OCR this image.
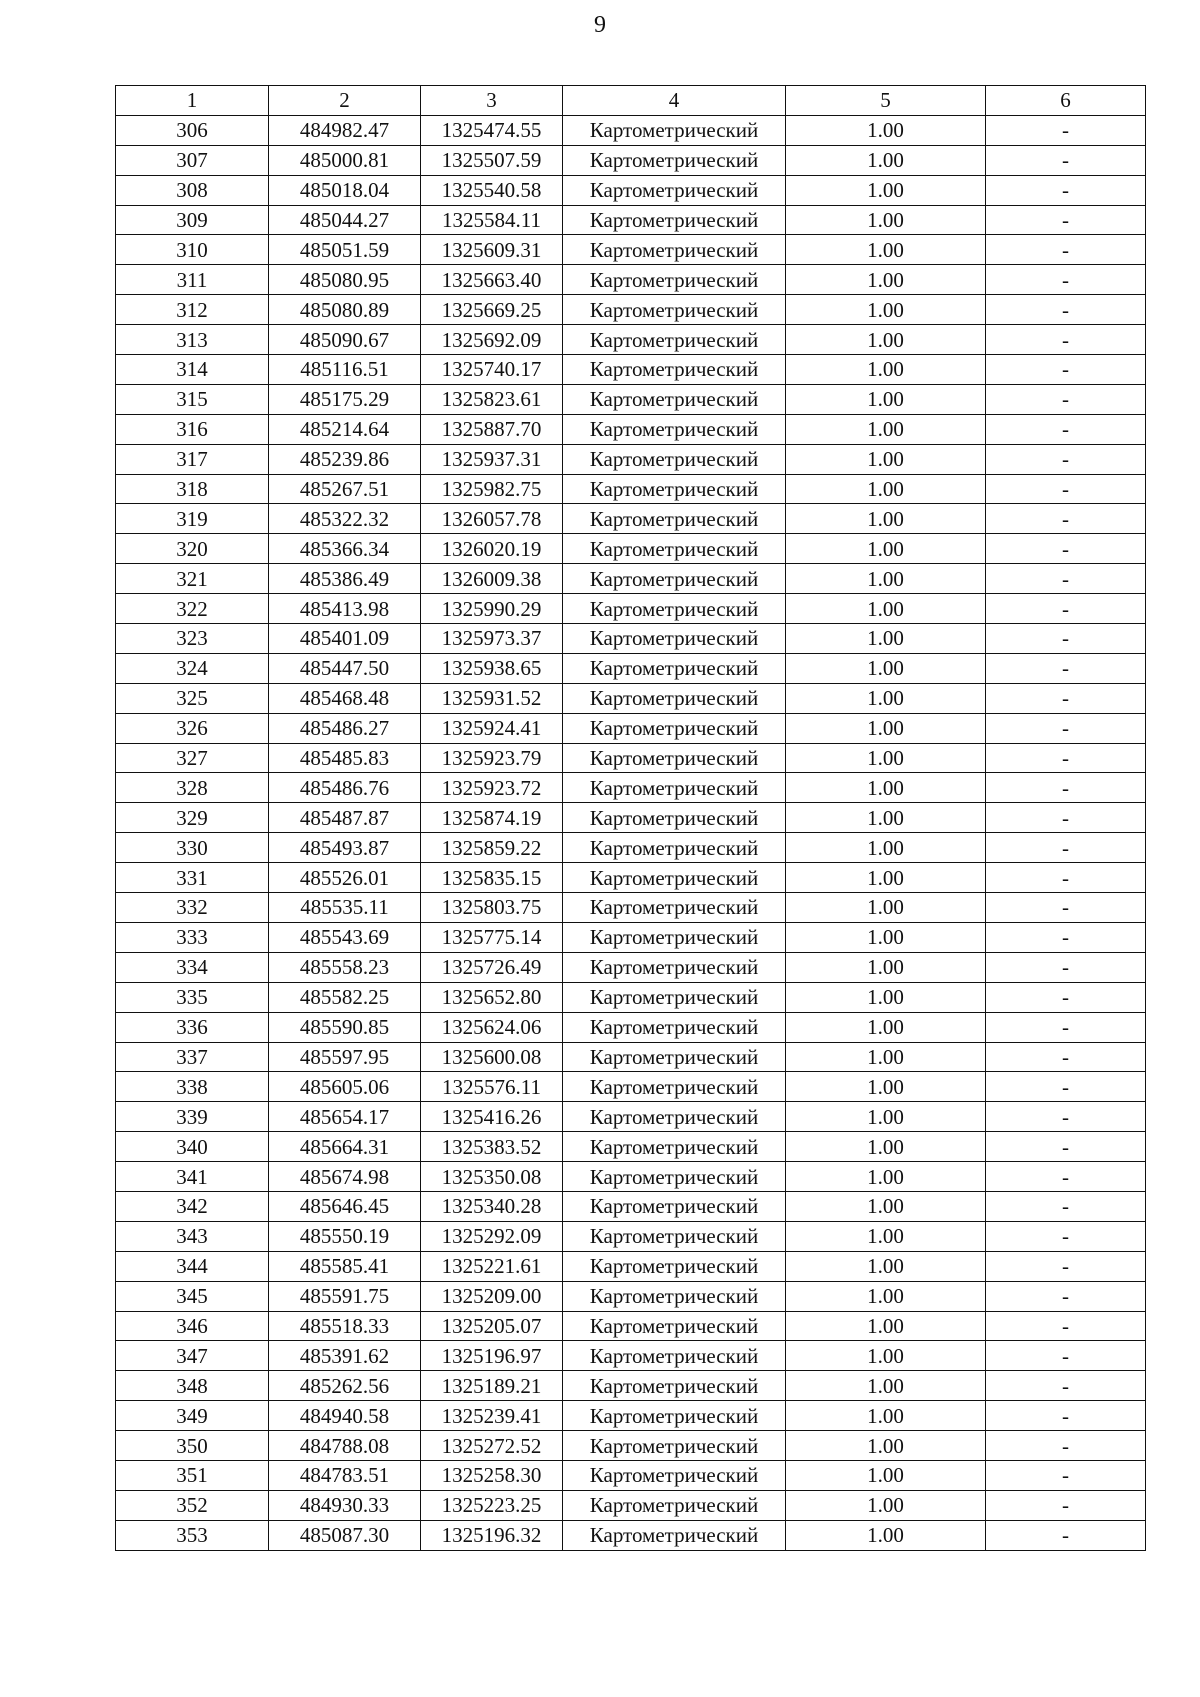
9
1	2	3	4	5	6
306	484982.47	1325474.55	Картометрический	1.00	-
307	485000.81	1325507.59	Картометрический	1.00	-
308	485018.04	1325540.58	Картометрический	1.00	-
309	485044.27	1325584.11	Картометрический	1.00	-
310	485051.59	1325609.31	Картометрический	1.00	-
311	485080.95	1325663.40	Картометрический	1.00	-
312	485080.89	1325669.25	Картометрический	1.00	-
313	485090.67	1325692.09	Картометрический	1.00	-
314	485116.51	1325740.17	Картометрический	1.00	-
315	485175.29	1325823.61	Картометрический	1.00	-
316	485214.64	1325887.70	Картометрический	1.00	-
317	485239.86	1325937.31	Картометрический	1.00	-
318	485267.51	1325982.75	Картометрический	1.00	-
319	485322.32	1326057.78	Картометрический	1.00	-
320	485366.34	1326020.19	Картометрический	1.00	-
321	485386.49	1326009.38	Картометрический	1.00	-
322	485413.98	1325990.29	Картометрический	1.00	-
323	485401.09	1325973.37	Картометрический	1.00	-
324	485447.50	1325938.65	Картометрический	1.00	-
325	485468.48	1325931.52	Картометрический	1.00	-
326	485486.27	1325924.41	Картометрический	1.00	-
327	485485.83	1325923.79	Картометрический	1.00	-
328	485486.76	1325923.72	Картометрический	1.00	-
329	485487.87	1325874.19	Картометрический	1.00	-
330	485493.87	1325859.22	Картометрический	1.00	-
331	485526.01	1325835.15	Картометрический	1.00	-
332	485535.11	1325803.75	Картометрический	1.00	-
333	485543.69	1325775.14	Картометрический	1.00	-
334	485558.23	1325726.49	Картометрический	1.00	-
335	485582.25	1325652.80	Картометрический	1.00	-
336	485590.85	1325624.06	Картометрический	1.00	-
337	485597.95	1325600.08	Картометрический	1.00	-
338	485605.06	1325576.11	Картометрический	1.00	-
339	485654.17	1325416.26	Картометрический	1.00	-
340	485664.31	1325383.52	Картометрический	1.00	-
341	485674.98	1325350.08	Картометрический	1.00	-
342	485646.45	1325340.28	Картометрический	1.00	-
343	485550.19	1325292.09	Картометрический	1.00	-
344	485585.41	1325221.61	Картометрический	1.00	-
345	485591.75	1325209.00	Картометрический	1.00	-
346	485518.33	1325205.07	Картометрический	1.00	-
347	485391.62	1325196.97	Картометрический	1.00	-
348	485262.56	1325189.21	Картометрический	1.00	-
349	484940.58	1325239.41	Картометрический	1.00	-
350	484788.08	1325272.52	Картометрический	1.00	-
351	484783.51	1325258.30	Картометрический	1.00	-
352	484930.33	1325223.25	Картометрический	1.00	-
353	485087.30	1325196.32	Картометрический	1.00	-
